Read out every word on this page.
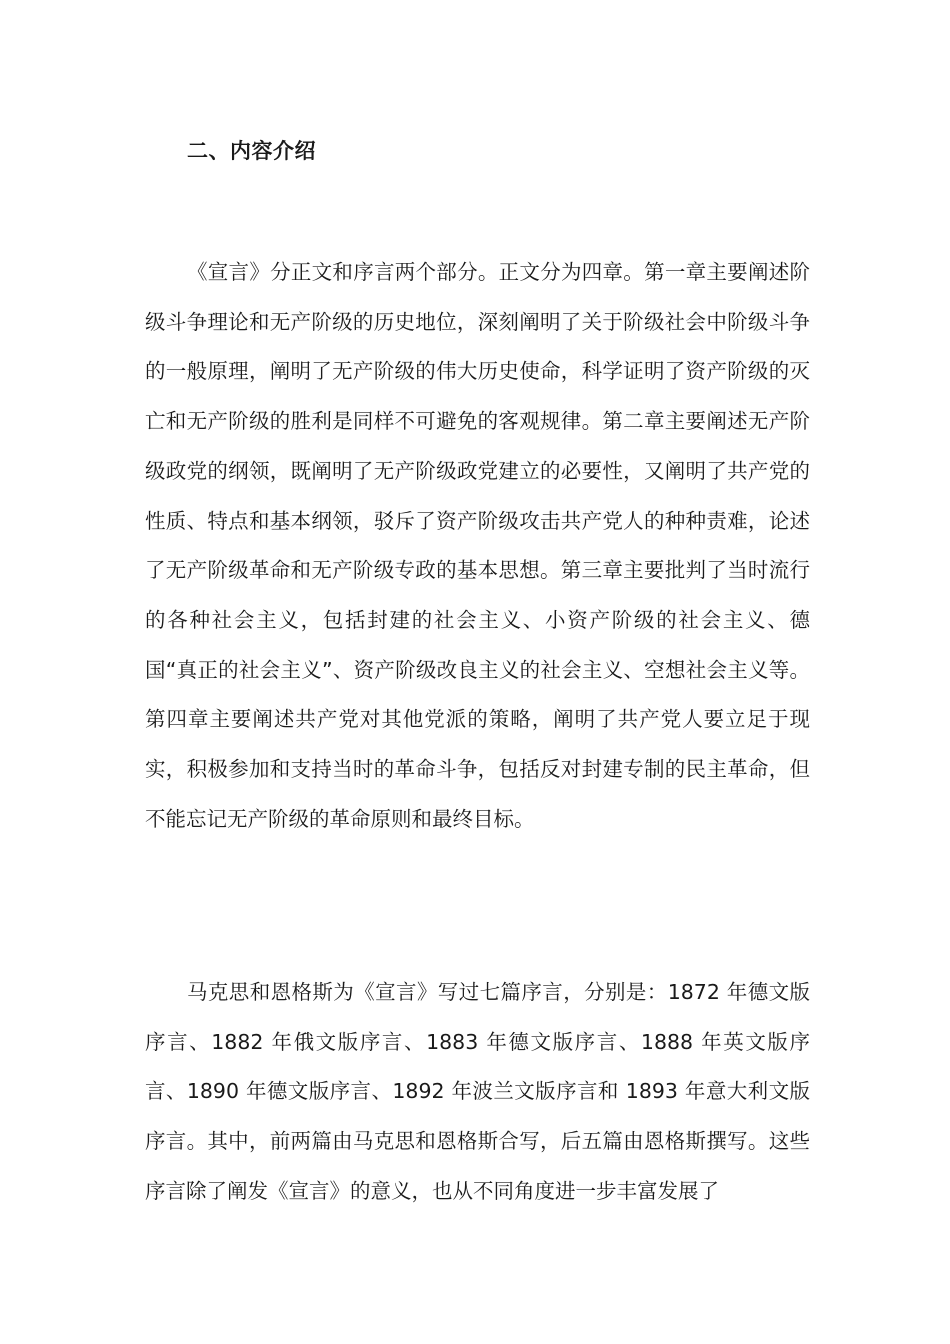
二、内容介绍

《宣言》分正文和序言两个部分。正文分为四章。第一章主要阐述阶级斗争理论和无产阶级的历史地位，深刻阐明了关于阶级社会中阶级斗争的一般原理，阐明了无产阶级的伟大历史使命，科学证明了资产阶级的灭亡和无产阶级的胜利是同样不可避免的客观规律。第二章主要阐述无产阶级政党的纲领，既阐明了无产阶级政党建立的必要性，又阐明了共产党的性质、特点和基本纲领，驳斥了资产阶级攻击共产党人的种种责难，论述了无产阶级革命和无产阶级专政的基本思想。第三章主要批判了当时流行的各种社会主义，包括封建的社会主义、小资产阶级的社会主义、德国“真正的社会主义”、资产阶级改良主义的社会主义、空想社会主义等。第四章主要阐述共产党对其他党派的策略，阐明了共产党人要立足于现实，积极参加和支持当时的革命斗争，包括反对封建专制的民主革命，但不能忘记无产阶级的革命原则和最终目标。

马克思和恩格斯为《宣言》写过七篇序言，分别是：1872 年德文版序言、1882 年俄文版序言、1883 年德文版序言、1888 年英文版序言、1890 年德文版序言、1892 年波兰文版序言和 1893 年意大利文版序言。其中，前两篇由马克思和恩格斯合写，后五篇由恩格斯撰写。这些序言除了阐发《宣言》的意义，也从不同角度进一步丰富发展了
